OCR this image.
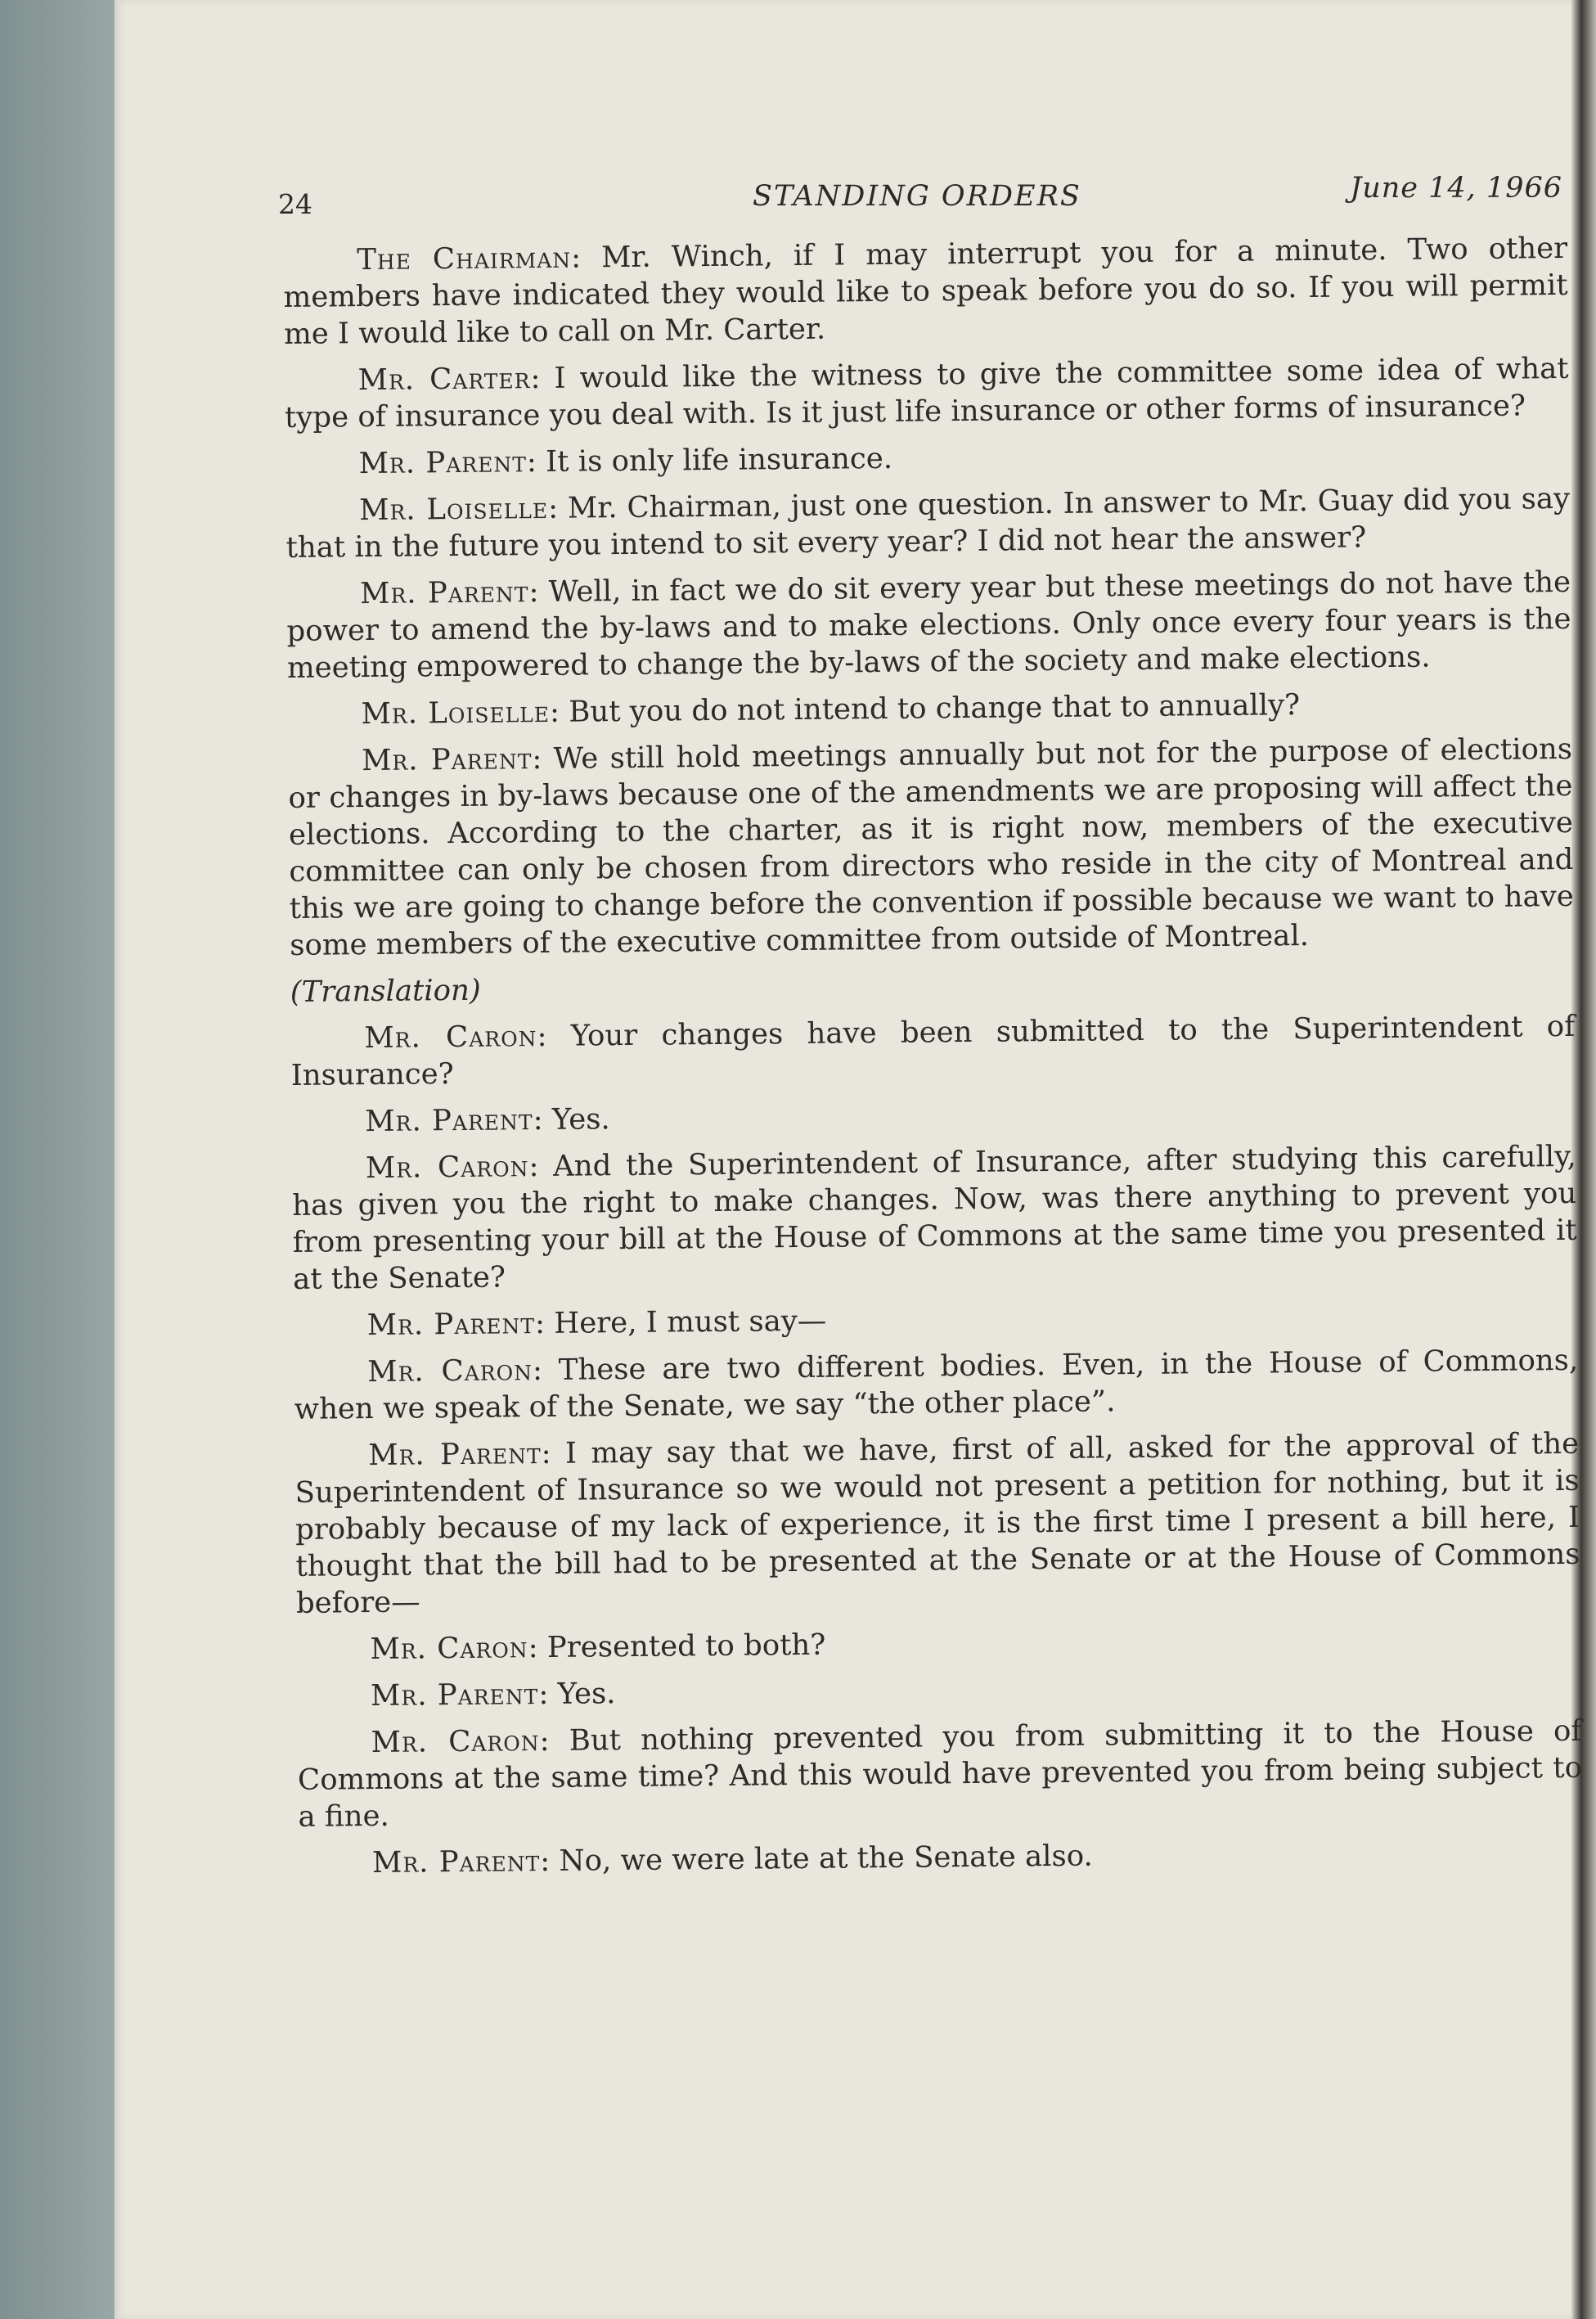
24	STANDING ORDERS	June 14, 1966

The Chairman: Mr. Winch, if I may interrupt you for a minute. Two other members have indicated they would like to speak before you do so. If you will permit me I would like to call on Mr. Carter.

Mr. Carter: I would like the witness to give the committee some idea of what type of insurance you deal with. Is it just life insurance or other forms of insurance?

Mr. Parent: It is only life insurance.

Mr. Loiselle: Mr. Chairman, just one question. In answer to Mr. Guay did you say that in the future you intend to sit every year? I did not hear the answer?

Mr. Parent: Well, in fact we do sit every year but these meetings do not have the power to amend the by-laws and to make elections. Only once every four years is the meeting empowered to change the by-laws of the society and make elections.

Mr. Loiselle: But you do not intend to change that to annually?

Mr. Parent: We still hold meetings annually but not for the purpose of elections or changes in by-laws because one of the amendments we are proposing will affect the elections. According to the charter, as it is right now, members of the executive committee can only be chosen from directors who reside in the city of Montreal and this we are going to change before the convention if possible because we want to have some members of the executive committee from outside of Montreal.

(Translation)

Mr. Caron: Your changes have been submitted to the Superintendent of Insurance?

Mr. Parent: Yes.

Mr. Caron: And the Superintendent of Insurance, after studying this carefully, has given you the right to make changes. Now, was there anything to prevent you from presenting your bill at the House of Commons at the same time you presented it at the Senate?

Mr. Parent: Here, I must say—

Mr. Caron: These are two different bodies. Even, in the House of Commons, when we speak of the Senate, we say “the other place”.

Mr. Parent: I may say that we have, first of all, asked for the approval of the Superintendent of Insurance so we would not present a petition for nothing, but it is probably because of my lack of experience, it is the first time I present a bill here, I thought that the bill had to be presented at the Senate or at the House of Commons before—

Mr. Caron: Presented to both?

Mr. Parent: Yes.

Mr. Caron: But nothing prevented you from submitting it to the House of Commons at the same time? And this would have prevented you from being subject to a fine.

Mr. Parent: No, we were late at the Senate also.
